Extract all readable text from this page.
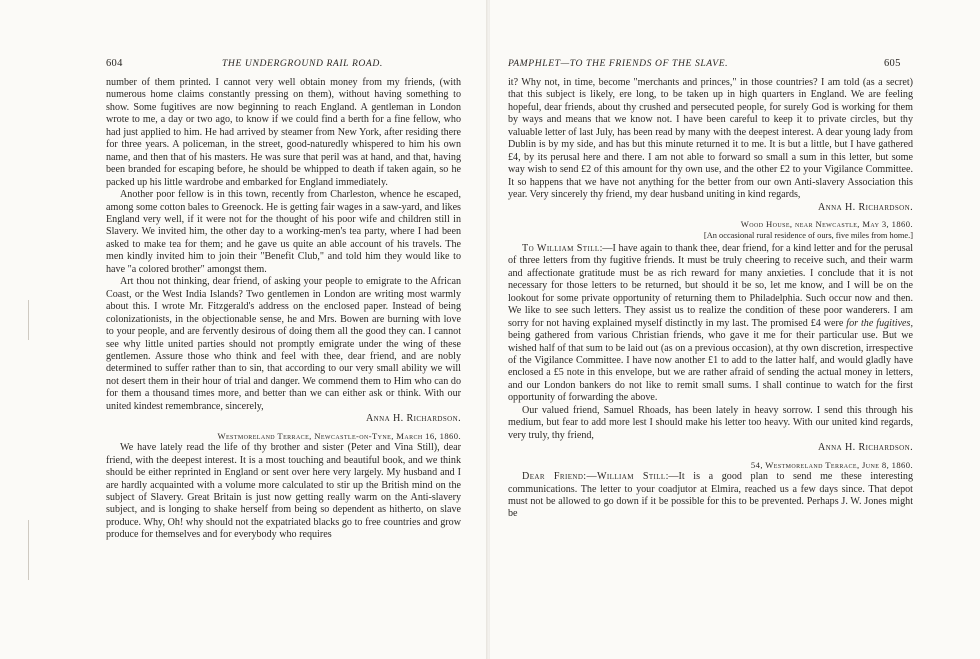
604	THE UNDERGROUND RAIL ROAD.

number of them printed. I cannot very well obtain money from my friends, (with numerous home claims constantly pressing on them), without having something to show. Some fugitives are now beginning to reach England. A gentleman in London wrote to me, a day or two ago, to know if we could find a berth for a fine fellow, who had just applied to him. He had arrived by steamer from New York, after residing there for three years. A policeman, in the street, good-naturedly whispered to him his own name, and then that of his masters. He was sure that peril was at hand, and that, having been branded for escaping before, he should be whipped to death if taken again, so he packed up his little wardrobe and embarked for England immediately.

Another poor fellow is in this town, recently from Charleston, whence he escaped, among some cotton bales to Greenock. He is getting fair wages in a saw-yard, and likes England very well, if it were not for the thought of his poor wife and children still in Slavery. We invited him, the other day to a working-men's tea party, where I had been asked to make tea for them; and he gave us quite an able account of his travels. The men kindly invited him to join their "Benefit Club," and told him they would like to have "a colored brother" amongst them.

Art thou not thinking, dear friend, of asking your people to emigrate to the African Coast, or the West India Islands? Two gentlemen in London are writing most warmly about this. I wrote Mr. Fitzgerald's address on the enclosed paper. Instead of being colonizationists, in the objectionable sense, he and Mrs. Bowen are burning with love to your people, and are fervently desirous of doing them all the good they can. I cannot see why little united parties should not promptly emigrate under the wing of these gentlemen. Assure those who think and feel with thee, dear friend, and are nobly determined to suffer rather than to sin, that according to our very small ability we will not desert them in their hour of trial and danger. We commend them to Him who can do for them a thousand times more, and better than we can either ask or think. With our united kindest remembrance, sincerely,

Anna H. Richardson.

Westmoreland Terrace, Newcastle-on-Tyne, March 16, 1860.

We have lately read the life of thy brother and sister (Peter and Vina Still), dear friend, with the deepest interest. It is a most touching and beautiful book, and we think should be either reprinted in England or sent over here very largely. My husband and I are hardly acquainted with a volume more calculated to stir up the British mind on the subject of Slavery. Great Britain is just now getting really warm on the Anti-slavery subject, and is longing to shake herself from being so dependent as hitherto, on slave produce. Why, Oh! why should not the expatriated blacks go to free countries and grow produce for themselves and for everybody who requires

PAMPHLET—TO THE FRIENDS OF THE SLAVE.	605

it? Why not, in time, become "merchants and princes," in those countries? I am told (as a secret) that this subject is likely, ere long, to be taken up in high quarters in England. We are feeling hopeful, dear friends, about thy crushed and persecuted people, for surely God is working for them by ways and means that we know not. I have been careful to keep it to private circles, but thy valuable letter of last July, has been read by many with the deepest interest. A dear young lady from Dublin is by my side, and has but this minute returned it to me. It is but a little, but I have gathered £4, by its perusal here and there. I am not able to forward so small a sum in this letter, but some way wish to send £2 of this amount for thy own use, and the other £2 to your Vigilance Committee. It so happens that we have not anything for the better from our own Anti-slavery Association this year. Very sincerely thy friend, my dear husband uniting in kind regards,

Anna H. Richardson.

Wood House, near Newcastle, May 3, 1860.
[An occasional rural residence of ours, five miles from home.]

To William Still:—I have again to thank thee, dear friend, for a kind letter and for the perusal of three letters from thy fugitive friends. It must be truly cheering to receive such, and their warm and affectionate gratitude must be as rich reward for many anxieties. I conclude that it is not necessary for those letters to be returned, but should it be so, let me know, and I will be on the lookout for some private opportunity of returning them to Philadelphia. Such occur now and then. We like to see such letters. They assist us to realize the condition of these poor wanderers. I am sorry for not having explained myself distinctly in my last. The promised £4 were for the fugitives, being gathered from various Christian friends, who gave it me for their particular use. But we wished half of that sum to be laid out (as on a previous occasion), at thy own discretion, irrespective of the Vigilance Committee. I have now another £1 to add to the latter half, and would gladly have enclosed a £5 note in this envelope, but we are rather afraid of sending the actual money in letters, and our London bankers do not like to remit small sums. I shall continue to watch for the first opportunity of forwarding the above.

Our valued friend, Samuel Rhoads, has been lately in heavy sorrow. I send this through his medium, but fear to add more lest I should make his letter too heavy. With our united kind regards, very truly, thy friend,

Anna H. Richardson.

54, Westmoreland Terrace, June 8, 1860.

Dear Friend:—William Still:—It is a good plan to send me these interesting communications. The letter to your coadjutor at Elmira, reached us a few days since. That depot must not be allowed to go down if it be possible for this to be prevented. Perhaps J. W. Jones might be
